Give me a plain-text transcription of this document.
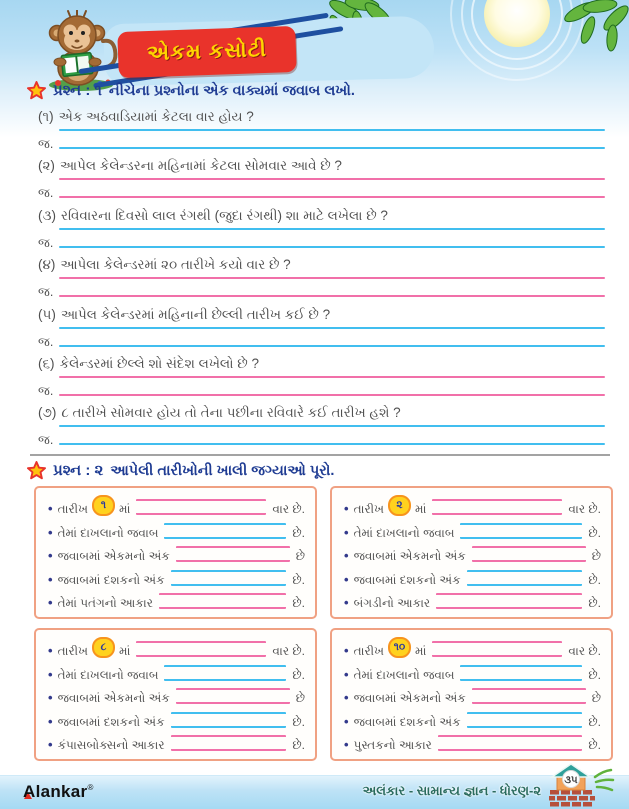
એકમ કસોટી
પ્રશ્ન : ૧ નીચેના પ્રશ્નોના એક વાક્યમાં જવાબ લખો.
(૧) એક અઠવાડિયામાં કેટલા વાર હોય ?
જ.
(૨) આપેલ કેલેન્ડરના મહિનામાં કેટલા સોમવાર આવે છે ?
જ.
(૩) રવિવારના દિવસો લાલ રંગથી (જુદા રંગથી) શા માટે લખેલા છે ?
જ.
(૪) આપેલા કેલેન્ડરમાં ૨૦ તારીખે કયો વાર છે ?
જ.
(૫) આપેલ કેલેન્ડરમાં મહિનાની છેલ્લી તારીખ કઈ છે ?
જ.
(૬) કેલેન્ડરમાં છેલ્લે શો સંદેશ લખેલો છે ?
જ.
(૭) ૮ તારીખે સોમવાર હોય તો તેના પછીના રવિવારે કઈ તારીખ હશે ?
જ.
પ્રશ્ન : ૨ આપેલી તારીખોની ખાલી જગ્યાઓ પૂરો.
• તારીખ	૧	માં	વાર છે.
• તેમાં દાખલાનો જવાબ	છે.
• જવાબમાં એકમનો અંક	છે
• જવાબમાં દશકનો અંક	છે.
• તેમાં પતંગનો આકાર	છે.
• તારીખ	૨	માં	વાર છે.
• તેમાં દાખલાનો જવાબ	છે.
• જવાબમાં એકમનો અંક	છે
• જવાબમાં દશકનો અંક	છે.
• બંગડીનો આકાર	છે.
• તારીખ	૮	માં	વાર છે.
• તેમાં દાખલાનો જવાબ	છે.
• જવાબમાં એકમનો અંક	છે
• જવાબમાં દશકનો અંક	છે.
• કંપાસબોક્સનો આકાર	છે.
• તારીખ ૧૦ માં	વાર છે.
• તેમાં દાખલાનો જવાબ	છે.
• જવાબમાં એકમનો અંક	છે
• જવાબમાં દશકનો અંક	છે.
• પુસ્તકનો આકાર	છે.
Alankar ®	અલંકાર - સામાન્ય જ્ઞાન - ધોરણ-૨
૩૫
